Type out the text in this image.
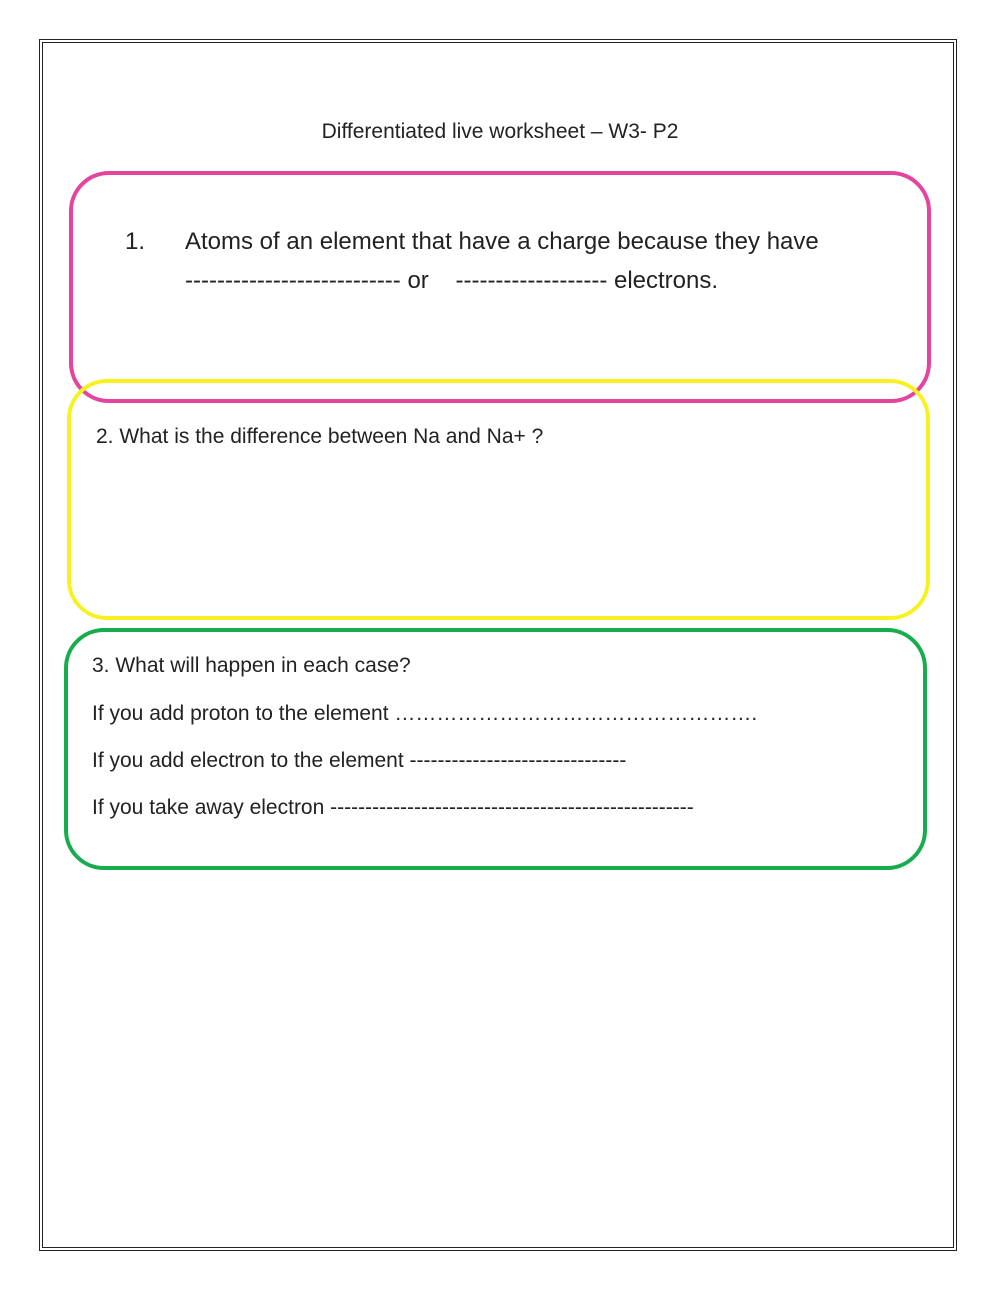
Differentiated live worksheet – W3- P2
1. Atoms of an element that have a charge because they have
--------------------------- or    ------------------- electrons.
2. What is the difference between Na and Na+ ?
3. What will happen in each case?
If you add proton to the element …………………………………………….
If you add electron to the element -------------------------------
If you take away electron ----------------------------------------------------
